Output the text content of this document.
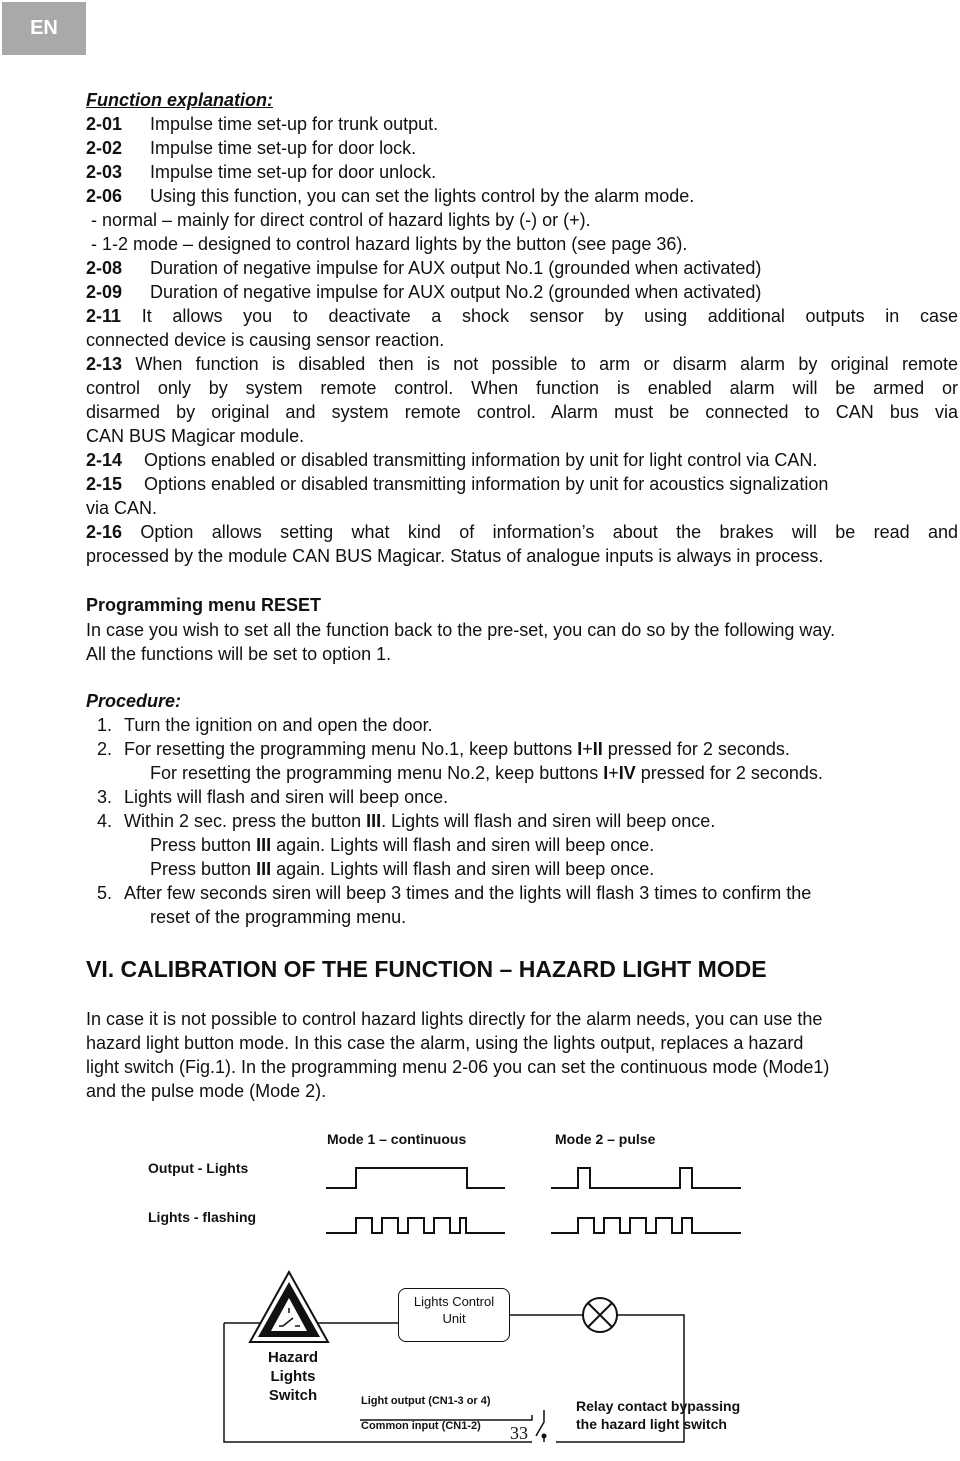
EN
Function explanation:
2-01 Impulse time set-up for trunk output.
2-02 Impulse time set-up for door lock.
2-03 Impulse time set-up for door unlock.
2-06 Using this function, you can set the lights control by the alarm mode.
- normal – mainly for direct control of hazard lights by (-) or (+).
- 1-2 mode – designed to control hazard lights by the button (see page 36).
2-08 Duration of negative impulse for AUX output No.1 (grounded when activated)
2-09 Duration of negative impulse for AUX output No.2 (grounded when activated)
2-11 It allows you to deactivate a shock sensor by using additional outputs in case
connected device is causing sensor reaction.
2-13 When function is disabled then is not possible to arm or disarm alarm by original remote
control only by system remote control. When function is enabled alarm will be armed or
disarmed by original and system remote control. Alarm must be connected to CAN bus via
CAN BUS Magicar module.
2-14 Options enabled or disabled transmitting information by unit for light control via CAN.
2-15 Options enabled or disabled transmitting information by unit for acoustics signalization
via CAN.
2-16 Option allows setting what kind of information’s about the brakes will be read and
processed by the module CAN BUS Magicar. Status of analogue inputs is always in process.
Programming menu RESET
In case you wish to set all the function back to the pre-set, you can do so by the following way.
All the functions will be set to option 1.
Procedure:
1. Turn the ignition on and open the door.
2. For resetting the programming menu No.1, keep buttons I+II pressed for 2 seconds.
For resetting the programming menu No.2, keep buttons I+IV pressed for 2 seconds.
3. Lights will flash and siren will beep once.
4. Within 2 sec. press the button III. Lights will flash and siren will beep once.
Press button III again. Lights will flash and siren will beep once.
Press button III again. Lights will flash and siren will beep once.
5. After few seconds siren will beep 3 times and the lights will flash 3 times to confirm the
reset of the programming menu.
VI. CALIBRATION OF THE FUNCTION – HAZARD LIGHT MODE
In case it is not possible to control hazard lights directly for the alarm needs, you can use the
hazard light button mode. In this case the alarm, using the lights output, replaces a hazard
light switch (Fig.1). In the programming menu 2-06 you can set the continuous mode (Mode1)
and the pulse mode (Mode 2).
Mode 1 – continuous	Mode 2 – pulse
Output - Lights
Lights - flashing
Lights Control
Unit
Hazard
Lights
Switch	Light output (CN1-3 or 4)
Common input (CN1-2)
Relay contact bypassing
the hazard light switch
33
